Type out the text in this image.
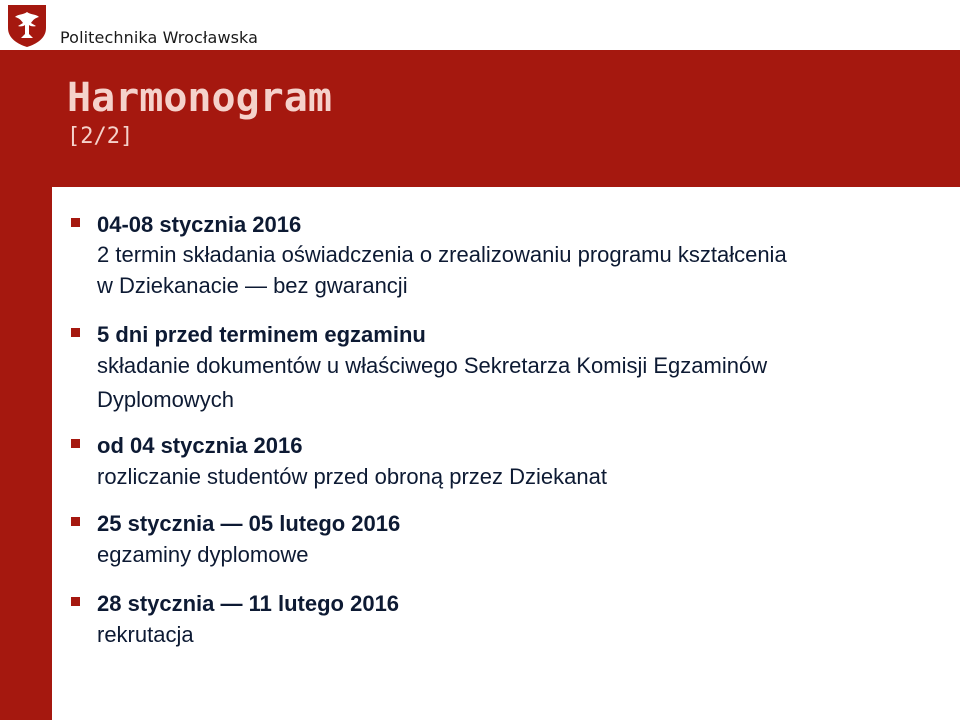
Politechnika Wrocławska
Harmonogram
[2/2]
04-08 stycznia 2016
2 termin składania oświadczenia o zrealizowaniu programu kształcenia
w Dziekanacie — bez gwarancji
5 dni przed terminem egzaminu
składanie dokumentów u właściwego Sekretarza Komisji Egzaminów
Dyplomowych
od 04 stycznia 2016
rozliczanie studentów przed obroną przez Dziekanat
25 stycznia — 05 lutego 2016
egzaminy dyplomowe
28 stycznia — 11 lutego 2016
rekrutacja
